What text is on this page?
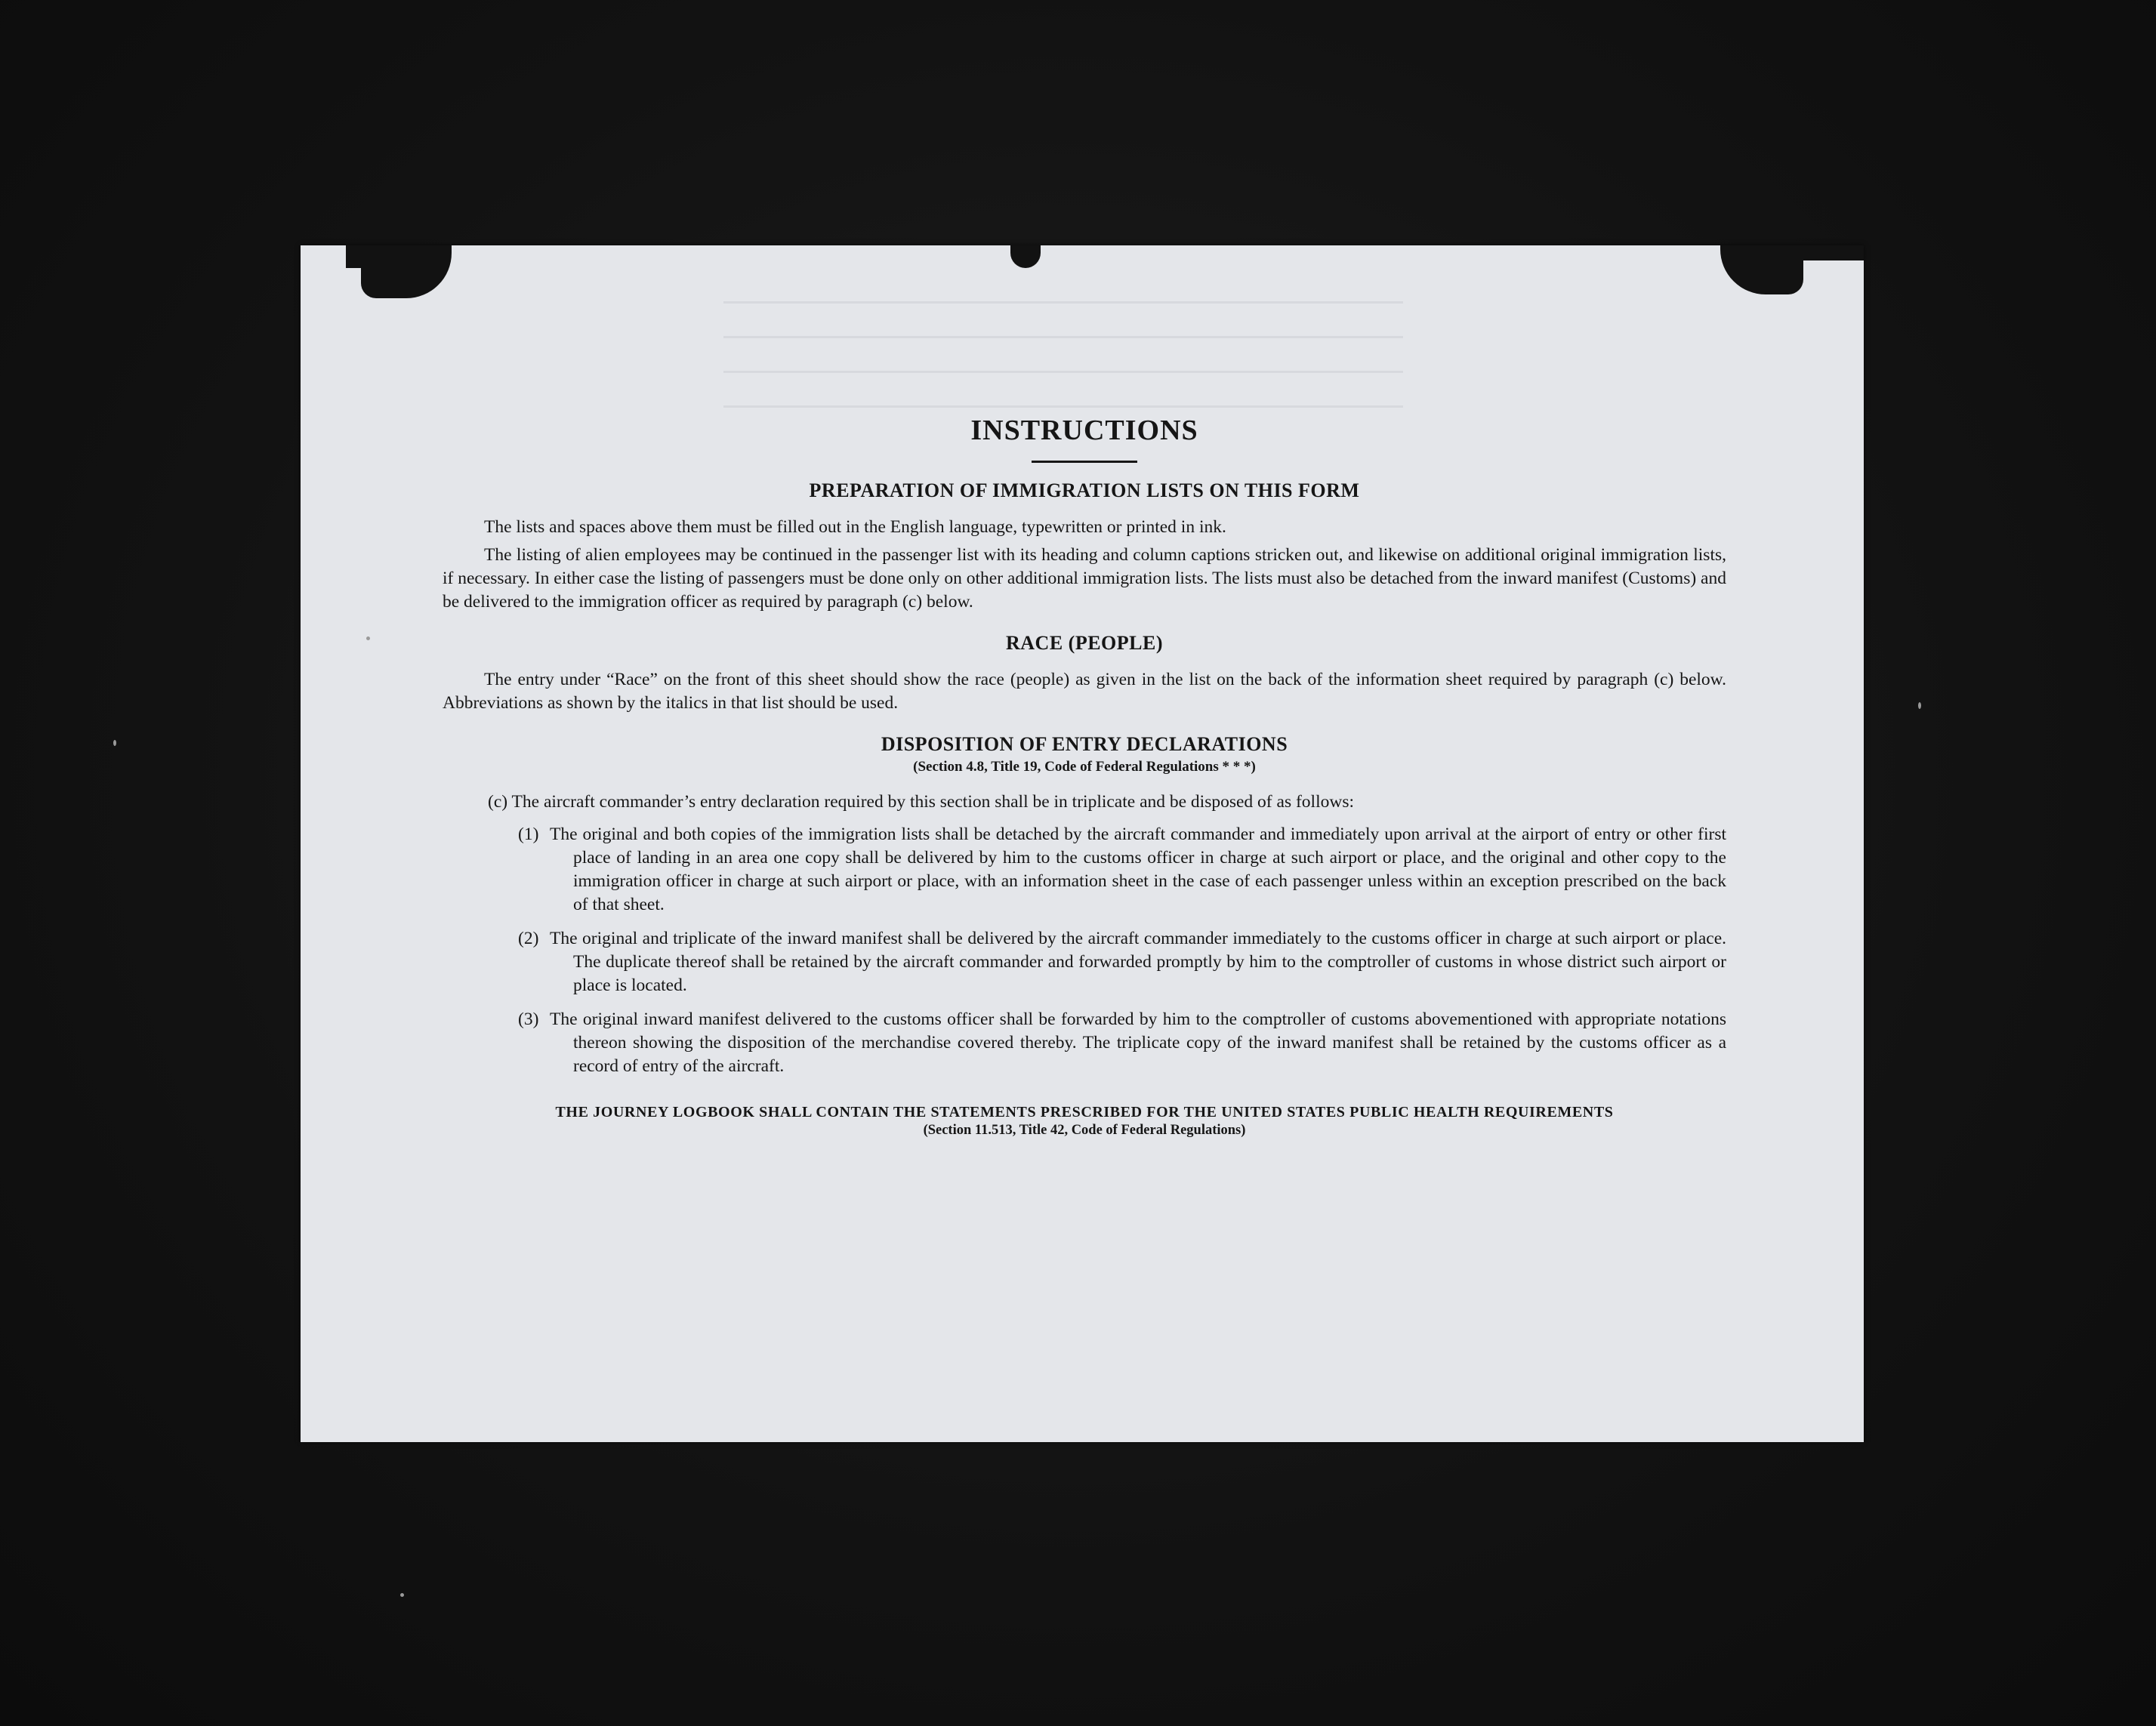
INSTRUCTIONS
PREPARATION OF IMMIGRATION LISTS ON THIS FORM

The lists and spaces above them must be filled out in the English language, typewritten or printed in ink.

The listing of alien employees may be continued in the passenger list with its heading and column captions stricken out, and likewise on additional original immigration lists, if necessary. In either case the listing of passengers must be done only on other additional immigration lists. The lists must also be detached from the inward manifest (Customs) and be delivered to the immigration officer as required by paragraph (c) below.

RACE (PEOPLE)

The entry under “Race” on the front of this sheet should show the race (people) as given in the list on the back of the information sheet required by paragraph (c) below. Abbreviations as shown by the italics in that list should be used.

DISPOSITION OF ENTRY DECLARATIONS

(Section 4.8, Title 19, Code of Federal Regulations * * *)

(c) The aircraft commander’s entry declaration required by this section shall be in triplicate and be disposed of as follows:

(1) The original and both copies of the immigration lists shall be detached by the aircraft commander and immediately upon arrival at the airport of entry or other first place of landing in an area one copy shall be delivered by him to the customs officer in charge at such airport or place, and the original and other copy to the immigration officer in charge at such airport or place, with an information sheet in the case of each passenger unless within an exception prescribed on the back of that sheet.

(2) The original and triplicate of the inward manifest shall be delivered by the aircraft commander immediately to the customs officer in charge at such airport or place. The duplicate thereof shall be retained by the aircraft commander and forwarded promptly by him to the comptroller of customs in whose district such airport or place is located.

(3) The original inward manifest delivered to the customs officer shall be forwarded by him to the comptroller of customs abovementioned with appropriate notations thereon showing the disposition of the merchandise covered thereby. The triplicate copy of the inward manifest shall be retained by the customs officer as a record of entry of the aircraft.

THE JOURNEY LOGBOOK SHALL CONTAIN THE STATEMENTS PRESCRIBED FOR THE UNITED STATES PUBLIC HEALTH REQUIREMENTS

(Section 11.513, Title 42, Code of Federal Regulations)
